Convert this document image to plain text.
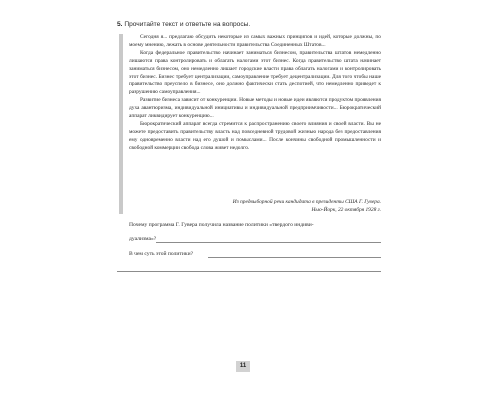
5. Прочитайте текст и ответьте на вопросы.

Сегодня я... предлагаю обсудить некоторые из самых важных принципов и идей, которые должны, по моему мнению, лежать в основе деятельности правительства Соединенных Штатов...

Когда федеральное правительство начинает заниматься бизнесом, правительства штатов немедленно лишаются права контролировать и облагать налогами этот бизнес. Когда правительство штата начинает заниматься бизнесом, оно немедленно лишает городские власти права облагать налогами и контролировать этот бизнес. Бизнес требует централизации, самоуправление требует децентрализации. Для того чтобы наше правительство преуспело в бизнесе, оно должно фактически стать деспотией, что немедленно приведет к разрушению самоуправления...

Развитие бизнеса зависит от конкуренции. Новые методы и новые идеи являются продуктом проявления духа авантюризма, индивидуальной инициативы и индивидуальной предприимчивости... Бюрократический аппарат ликвидирует конкуренцию...

Бюрократический аппарат всегда стремится к распространению своего влияния и своей власти. Вы не можете предоставить правительству власть над повседневной трудовой жизнью народа без предоставления ему одновременно власти над его душой и помыслами... После кончины свободной промышленности и свободной коммерции свобода слова живет недолго.

Из предвыборной речи кандидата в президенты США Г. Гувера.
Нью-Йорк, 22 октября 1928 г.
Почему программа Г. Гувера получила название политики «твердого индиви-
дуализма»?
В чем суть этой политики?
11
